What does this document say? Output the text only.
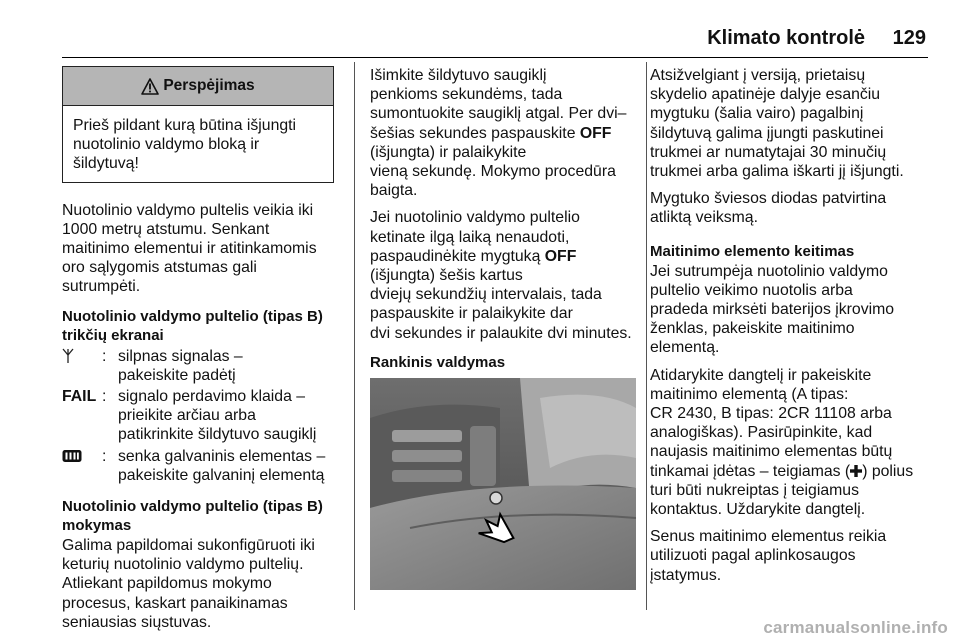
Klimato kontrolė	129
Perspėjimas
Prieš pildant kurą būtina išjungti
nuotolinio valdymo bloką ir
šildytuvą!

Nuotolinio valdymo pultelis veikia iki
1000 metrų atstumu. Senkant
maitinimo elementui ir atitinkamomis
oro sąlygomis atstumas gali
sutrumpėti.

Nuotolinio valdymo pultelio (tipas B)
trikčių ekranai
: silpnas signalas –
pakeiskite padėtį
FAIL : signalo perdavimo klaida –
prieikite arčiau arba
patikrinkite šildytuvo saugiklį
: senka galvaninis elementas –
pakeiskite galvaninį elementą
Nuotolinio valdymo pultelio (tipas B)
mokymas

Galima papildomai sukonfigūruoti iki
keturių nuotolinio valdymo pultelių.
Atliekant papildomus mokymo
procesus, kaskart panaikinamas
seniausias siųstuvas.

Išimkite šildytuvo saugiklį
penkioms sekundėms, tada
sumontuokite saugiklį atgal. Per dvi–
šešias sekundes paspauskite OFF
(išjungta) ir palaikykite
vieną sekundę. Mokymo procedūra
baigta.

Jei nuotolinio valdymo pultelio
ketinate ilgą laiką nenaudoti,
paspaudinėkite mygtuką OFF
(išjungta) šešis kartus
dviejų sekundžių intervalais, tada
paspauskite ir palaikykite dar
dvi sekundes ir palaukite dvi minutes.

Rankinis valdymas

Atsižvelgiant į versiją, prietaisų
skydelio apatinėje dalyje esančiu
mygtuku (šalia vairo) pagalbinį
šildytuvą galima įjungti paskutinei
trukmei ar numatytajai 30 minučių
trukmei arba galima iškarti jį išjungti.

Mygtuko šviesos diodas patvirtina
atliktą veiksmą.

Maitinimo elemento keitimas

Jei sutrumpėja nuotolinio valdymo
pultelio veikimo nuotolis arba
pradeda mirksėti baterijos įkrovimo
ženklas, pakeiskite maitinimo
elementą.

Atidarykite dangtelį ir pakeiskite
maitinimo elementą (A tipas:
CR 2430, B tipas: 2CR 11108 arba
analogiškas). Pasirūpinkite, kad
naujasis maitinimo elementas būtų
tinkamai įdėtas – teigiamas ( ) polius
turi būti nukreiptas į teigiamus
kontaktus. Uždarykite dangtelį.

Senus maitinimo elementus reikia
utilizuoti pagal aplinkosaugos
įstatymus.

carmanualsonline.info
